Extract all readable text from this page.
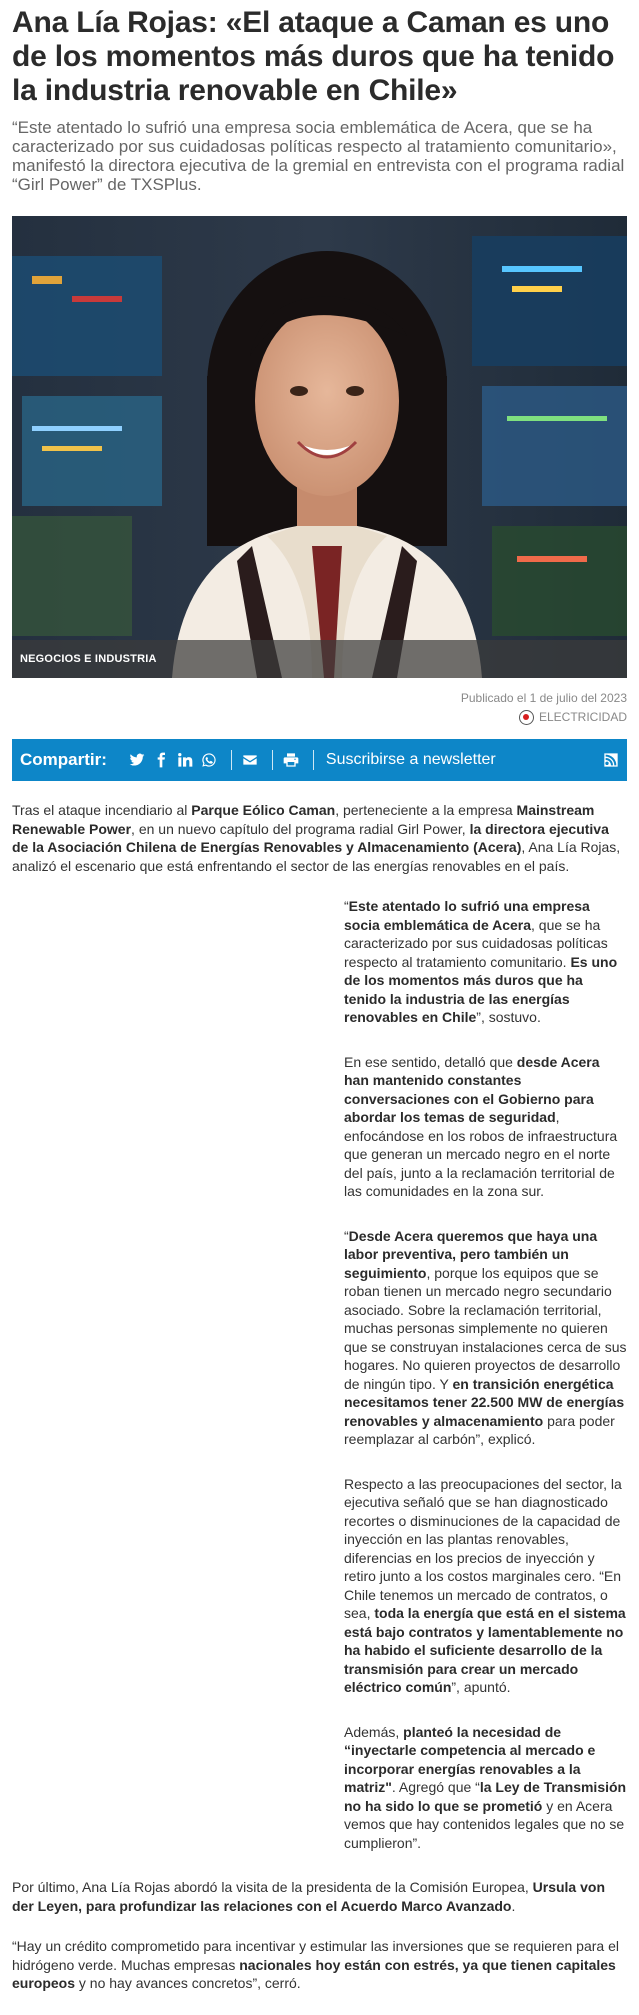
Ana Lía Rojas: «El ataque a Caman es uno de los momentos más duros que ha tenido la industria renovable en Chile»

“Este atentado lo sufrió una empresa socia emblemática de Acera, que se ha caracterizado por sus cuidadosas políticas respecto al tratamiento comunitario», manifestó la directora ejecutiva de la gremial en entrevista con el programa radial “Girl Power” de TXSPlus.

NEGOCIOS E INDUSTRIA
Publicado el 1 de julio del 2023
ELECTRICIDAD
Compartir:	Suscribirse a newsletter

Tras el ataque incendiario al Parque Eólico Caman, perteneciente a la empresa Mainstream Renewable Power, en un nuevo capítulo del programa radial Girl Power, la directora ejecutiva de la Asociación Chilena de Energías Renovables y Almacenamiento (Acera), Ana Lía Rojas, analizó el escenario que está enfrentando el sector de las energías renovables en el país.

“Este atentado lo sufrió una empresa socia emblemática de Acera, que se ha caracterizado por sus cuidadosas políticas respecto al tratamiento comunitario. Es uno de los momentos más duros que ha tenido la industria de las energías renovables en Chile”, sostuvo.

En ese sentido, detalló que desde Acera han mantenido constantes conversaciones con el Gobierno para abordar los temas de seguridad, enfocándose en los robos de infraestructura que generan un mercado negro en el norte del país, junto a la reclamación territorial de las comunidades en la zona sur.

“Desde Acera queremos que haya una labor preventiva, pero también un seguimiento, porque los equipos que se roban tienen un mercado negro secundario asociado. Sobre la reclamación territorial, muchas personas simplemente no quieren que se construyan instalaciones cerca de sus hogares. No quieren proyectos de desarrollo de ningún tipo. Y en transición energética necesitamos tener 22.500 MW de energías renovables y almacenamiento para poder reemplazar al carbón”, explicó.

Respecto a las preocupaciones del sector, la ejecutiva señaló que se han diagnosticado recortes o disminuciones de la capacidad de inyección en las plantas renovables, diferencias en los precios de inyección y retiro junto a los costos marginales cero. “En Chile tenemos un mercado de contratos, o sea, toda la energía que está en el sistema está bajo contratos y lamentablemente no ha habido el suficiente desarrollo de la transmisión para crear un mercado eléctrico común”, apuntó.

Además, planteó la necesidad de “inyectarle competencia al mercado e incorporar energías renovables a la matriz". Agregó que “la Ley de Transmisión no ha sido lo que se prometió y en Acera vemos que hay contenidos legales que no se cumplieron”.

Por último, Ana Lía Rojas abordó la visita de la presidenta de la Comisión Europea, Ursula von der Leyen, para profundizar las relaciones con el Acuerdo Marco Avanzado.

“Hay un crédito comprometido para incentivar y estimular las inversiones que se requieren para el hidrógeno verde. Muchas empresas nacionales hoy están con estrés, ya que tienen capitales europeos y no hay avances concretos”, cerró.
